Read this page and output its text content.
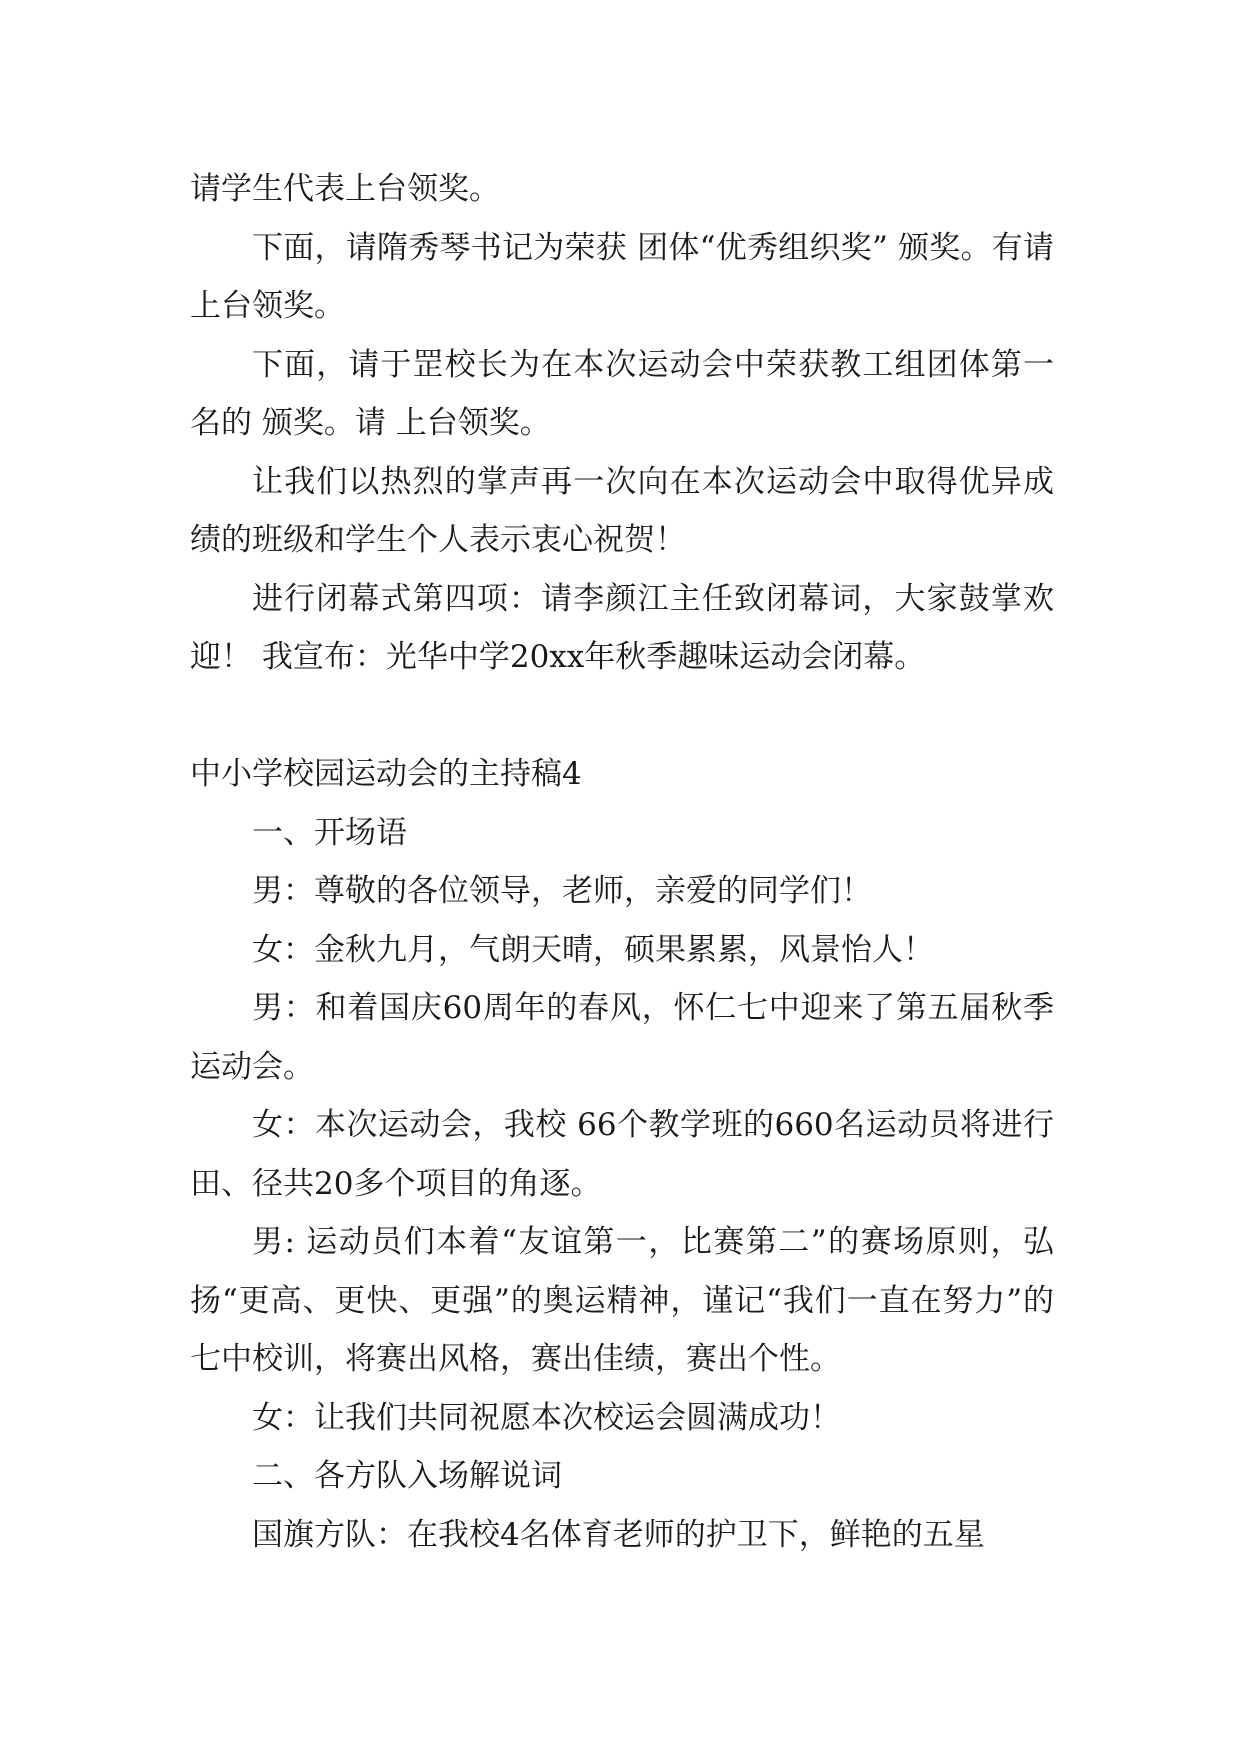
请学生代表上台领奖。

下面，请隋秀琴书记为荣获 团体“优秀组织奖” 颁奖。有请 上台领奖。

下面，请于罡校长为在本次运动会中荣获教工组团体第一名的 颁奖。请 上台领奖。

让我们以热烈的掌声再一次向在本次运动会中取得优异成绩的班级和学生个人表示衷心祝贺！

进行闭幕式第四项：请李颜江主任致闭幕词，大家鼓掌欢迎！ 我宣布：光华中学20xx年秋季趣味运动会闭幕。

中小学校园运动会的主持稿4

一、开场语

男：尊敬的各位领导，老师，亲爱的同学们！

女：金秋九月，气朗天晴，硕果累累，风景怡人！

男：和着国庆60周年的春风，怀仁七中迎来了第五届秋季运动会。

女：本次运动会，我校 66个教学班的660名运动员将进行田、径共20多个项目的角逐。

男: 运动员们本着“友谊第一，比赛第二”的赛场原则，弘扬“更高、更快、更强”的奥运精神，谨记“我们一直在努力”的七中校训，将赛出风格，赛出佳绩，赛出个性。

女：让我们共同祝愿本次校运会圆满成功！

二、各方队入场解说词

国旗方队：在我校4名体育老师的护卫下，鲜艳的五星
